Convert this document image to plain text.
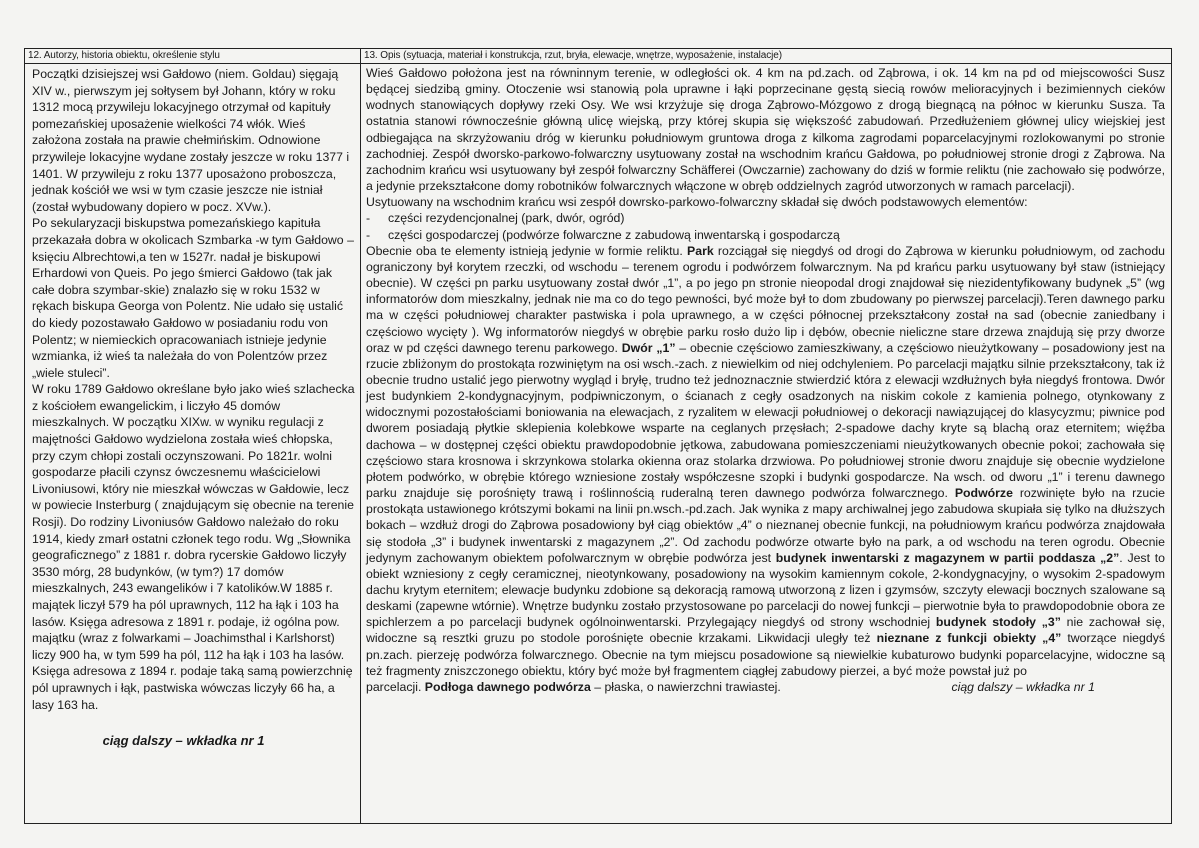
12. Autorzy, historia obiektu, określenie stylu

Początki dzisiejszej wsi Gałdowo (niem. Goldau) sięgają XIV w., pierwszym jej sołtysem był Johann, który w roku 1312 mocą przywileju lokacyjnego otrzymał od kapituły pomezańskiej uposażenie wielkości 74 włók. Wieś założona została na prawie chełmińskim. Odnowione przywileje lokacyjne wydane zostały jeszcze w roku 1377 i 1401. W przywileju z roku 1377 uposażono proboszcza, jednak kościół we wsi w tym czasie jeszcze nie istniał (został wybudowany dopiero w pocz. XVw.).

Po sekularyzacji biskupstwa pomezańskiego kapituła przekazała dobra w okolicach Szmbarka -w tym Gałdowo – księciu Albrechtowi,a ten w 1527r. nadał je biskupowi Erhardowi von Queis. Po jego śmierci Gałdowo (tak jak całe dobra szymbar-skie) znalazło się w roku 1532 w rękach biskupa Georga von Polentz. Nie udało się ustalić do kiedy pozostawało Gałdowo w posiadaniu rodu von Polentz; w niemieckich opracowaniach istnieje jedynie wzmianka, iż wieś ta należała do von Polentzów przez „wiele stuleci”.

W roku 1789 Gałdowo określane było jako wieś szlachecka z kościołem ewangelickim, i liczyło 45 domów mieszkalnych. W początku XIXw. w wyniku regulacji z majętności Gałdowo wydzielona została wieś chłopska, przy czym chłopi zostali oczynszowani. Po 1821r. wolni gospodarze płacili czynsz ówczesnemu właścicielowi Livoniusowi, który nie mieszkał wówczas w Gałdowie, lecz w powiecie Insterburg ( znajdującym się obecnie na terenie Rosji). Do rodziny Livoniusów Gałdowo należało do roku 1914, kiedy zmarł ostatni członek tego rodu. Wg „Słownika geograficznego” z 1881 r. dobra rycerskie Gałdowo liczyły 3530 mórg, 28 budynków, (w tym?) 17 domów mieszkalnych, 243 ewangelików i 7 katolików.W 1885 r. majątek liczył 579 ha pól uprawnych, 112 ha łąk i 103 ha lasów. Księga adresowa z 1891 r. podaje, iż ogólna pow. majątku (wraz z folwarkami – Joachimsthal i Karlshorst) liczy 900 ha, w tym 599 ha pól, 112 ha łąk i 103 ha lasów. Księga adresowa z 1894 r. podaje taką samą powierzchnię pól uprawnych i łąk, pastwiska wówczas liczyły 66 ha, a lasy 163 ha.

ciąg dalszy – wkładka nr 1
13. Opis (sytuacja, materiał i konstrukcja, rzut, bryła, elewacje, wnętrze, wyposażenie, instalacje)

Wieś Gałdowo położona jest na równinnym terenie, w odległości ok. 4 km na pd.zach. od Ząbrowa, i ok. 14 km na pd od miejscowości Susz będącej siedzibą gminy. Otoczenie wsi stanowią pola uprawne i łąki poprzecinane gęstą siecią rowów melioracyjnych i bezimiennych cieków wodnych stanowiących dopływy rzeki Osy. We wsi krzyżuje się droga Ząbrowo-Mózgowo z drogą biegnącą na północ w kierunku Susza. Ta ostatnia stanowi równocześnie główną ulicę wiejską, przy której skupia się większość zabudowań. Przedłużeniem głównej ulicy wiejskiej jest odbiegająca na skrzyżowaniu dróg w kierunku południowym gruntowa droga z kilkoma zagrodami poparcelacyjnymi rozlokowanymi po stronie zachodniej. Zespół dworsko-parkowo-folwarczny usytuowany został na wschodnim krańcu Gałdowa, po południowej stronie drogi z Ząbrowa. Na zachodnim krańcu wsi usytuowany był zespół folwarczny Schäfferei (Owczarnie) zachowany do dziś w formie reliktu (nie zachowało się podwórze, a jedynie przekształcone domy robotników folwarcznych włączone w obręb oddzielnych zagród utworzonych w ramach parcelacji).

Usytuowany na wschodnim krańcu wsi zespół dowrsko-parkowo-folwarczny składał się dwóch podstawowych elementów:

-	części rezydencjonalnej (park, dwór, ogród)
-	części gospodarczej (podwórze folwarczne z zabudową inwentarską i gospodarczą

Obecnie oba te elementy istnieją jedynie w formie reliktu. Park rozciągał się niegdyś od drogi do Ząbrowa w kierunku południowym, od zachodu ograniczony był korytem rzeczki, od wschodu – terenem ogrodu i podwórzem folwarcznym. Na pd krańcu parku usytuowany był staw (istniejący obecnie). W części pn parku usytuowany został dwór „1”, a po jego pn stronie nieopodal drogi znajdował się niezidentyfikowany budynek „5” (wg informatorów dom mieszkalny, jednak nie ma co do tego pewności, być może był to dom zbudowany po pierwszej parcelacji).Teren dawnego parku ma w części południowej charakter pastwiska i pola uprawnego, a w części północnej przekształcony został na sad (obecnie zaniedbany i częściowo wycięty ). Wg informatorów niegdyś w obrębie parku rosło dużo lip i dębów, obecnie nieliczne stare drzewa znajdują się przy dworze oraz w pd części dawnego terenu parkowego. Dwór „1” – obecnie częściowo zamieszkiwany, a częściowo nieużytkowany – posadowiony jest na rzucie zbliżonym do prostokąta rozwiniętym na osi wsch.-zach. z niewielkim od niej odchyleniem. Po parcelacji majątku silnie przekształcony, tak iż obecnie trudno ustalić jego pierwotny wygląd i bryłę, trudno też jednoznacznie stwierdzić która z elewacji wzdłużnych była niegdyś frontowa. Dwór jest budynkiem 2-kondygnacyjnym, podpiwniczonym, o ścianach z cegły osadzonych na niskim cokole z kamienia polnego, otynkowany z widocznymi pozostałościami boniowania na elewacjach, z ryzalitem w elewacji południowej o dekoracji nawiązującej do klasycyzmu; piwnice pod dworem posiadają płytkie sklepienia kolebkowe wsparte na ceglanych przęsłach; 2-spadowe dachy kryte są blachą oraz eternitem; więźba dachowa – w dostępnej części obiektu prawdopodobnie jętkowa, zabudowana pomieszczeniami nieużytkowanych obecnie pokoi; zachowała się częściowo stara krosnowa i skrzynkowa stolarka okienna oraz stolarka drzwiowa. Po południowej stronie dworu znajduje się obecnie wydzielone płotem podwórko, w obrębie którego wzniesione zostały współczesne szopki i budynki gospodarcze. Na wsch. od dworu „1” i terenu dawnego parku znajduje się porośnięty trawą i roślinnością ruderalną teren dawnego podwórza folwarcznego. Podwórze rozwinięte było na rzucie prostokąta ustawionego krótszymi bokami na linii pn.wsch.-pd.zach. Jak wynika z mapy archiwalnej jego zabudowa skupiała się tylko na dłuższych bokach – wzdłuż drogi do Ząbrowa posadowiony był ciąg obiektów „4” o nieznanej obecnie funkcji, na południowym krańcu podwórza znajdowała się stodoła „3” i budynek inwentarski z magazynem „2”. Od zachodu podwórze otwarte było na park, a od wschodu na teren ogrodu. Obecnie jedynym zachowanym obiektem pofolwarcznym w obrębie podwórza jest budynek inwentarski z magazynem w partii poddasza „2”. Jest to obiekt wzniesiony z cegły ceramicznej, nieotynkowany, posadowiony na wysokim kamiennym cokole, 2-kondygnacyjny, o wysokim 2-spadowym dachu krytym eternitem; elewacje budynku zdobione są dekoracją ramową utworzoną z lizen i gzymsów, szczyty elewacji bocznych szalowane są deskami (zapewne wtórnie). Wnętrze budynku zostało przystosowane po parcelacji do nowej funkcji – pierwotnie była to prawdopodobnie obora ze spichlerzem a po parcelacji budynek ogólnoinwentarski. Przylegający niegdyś od strony wschodniej budynek stodoły „3” nie zachował się, widoczne są resztki gruzu po stodole porośnięte obecnie krzakami. Likwidacji uległy też nieznane z funkcji obiekty „4” tworzące niegdyś pn.zach. pierzeję podwórza folwarcznego. Obecnie na tym miejscu posadowione są niewielkie kubaturowo budynki poparcelacyjne, widoczne są też fragmenty zniszczonego obiektu, który być może był fragmentem ciągłej zabudowy pierzei, a być może powstał już po

parcelacji. Podłoga dawnego podwórza – płaska, o nawierzchni trawiastej.	ciąg dalszy – wkładka nr 1
